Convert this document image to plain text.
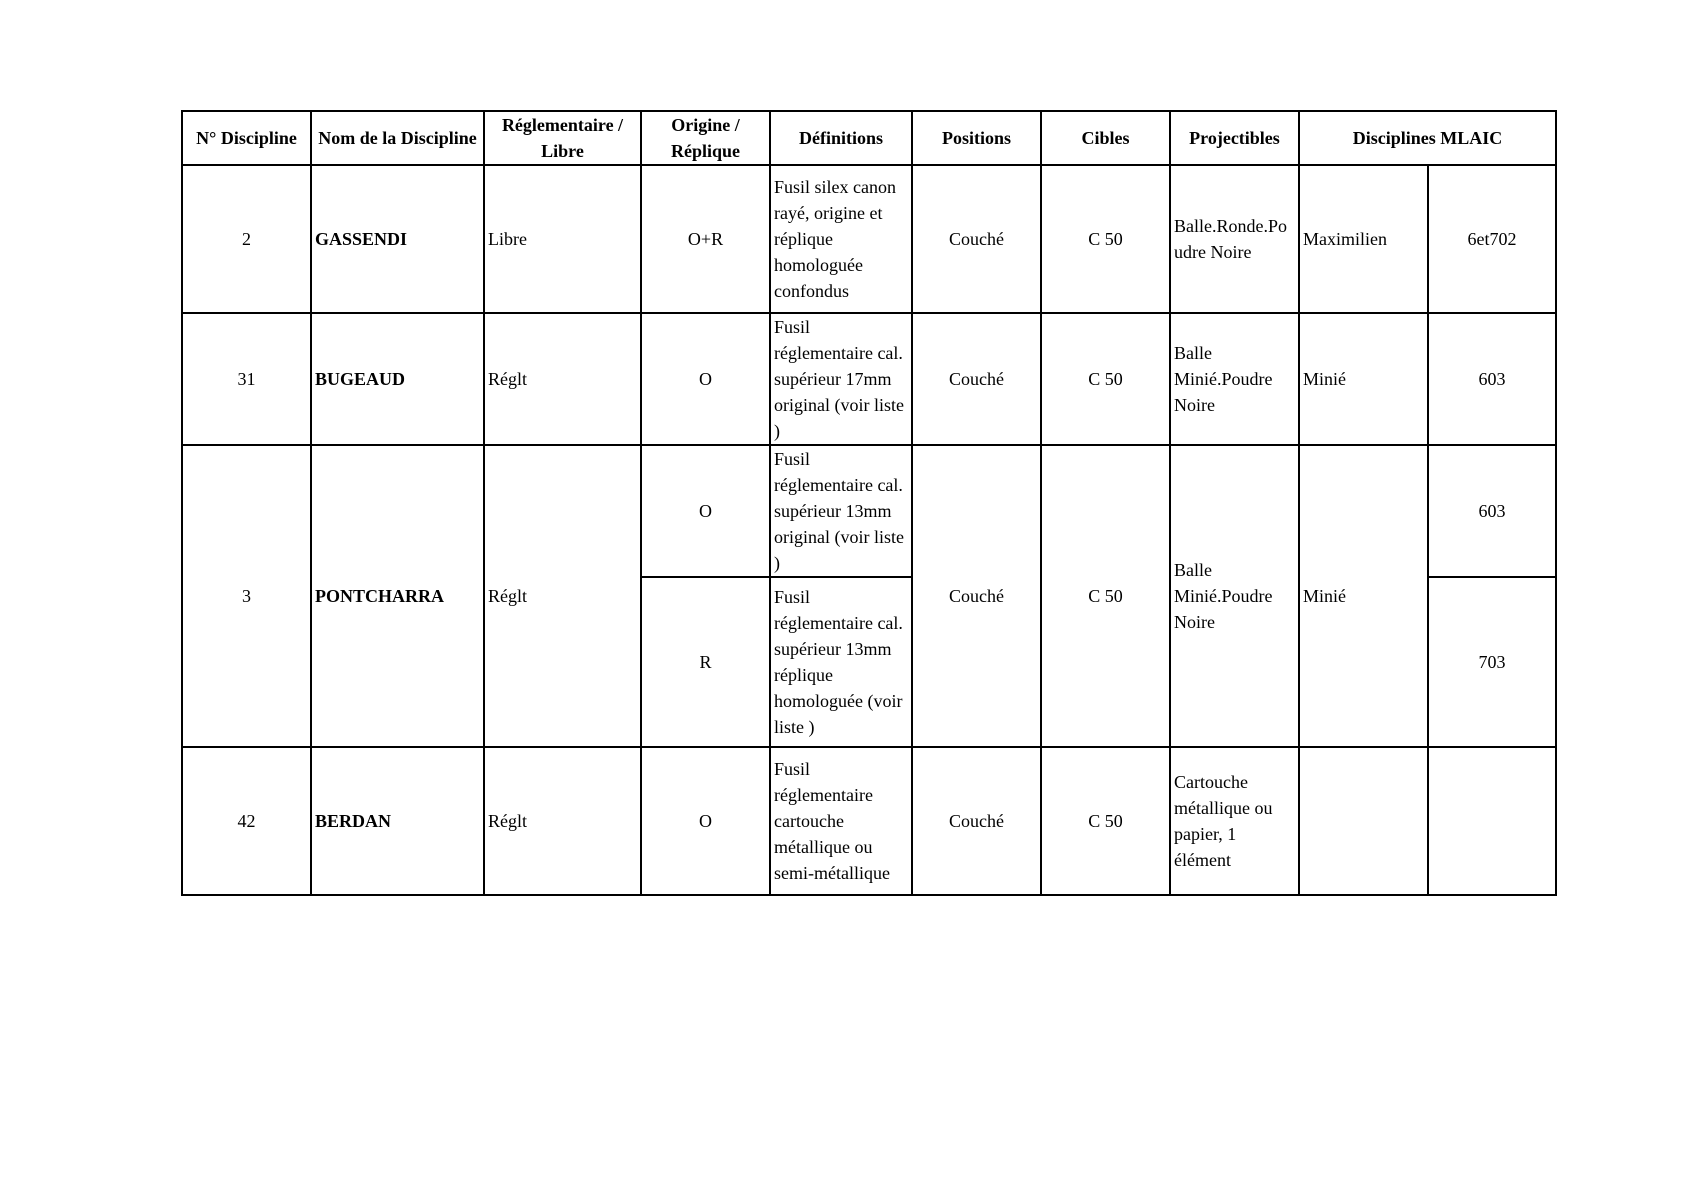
N° Discipline	Nom de la Discipline	Réglementaire / Libre	Origine / Réplique	Définitions	Positions	Cibles	Projectibles	Disciplines MLAIC	
2	GASSENDI	Libre	O+R	Fusil silex canon rayé, origine et réplique homologuée confondus	Couché	C 50	Balle.Ronde.Poudre Noire	Maximilien	6et702
31	BUGEAUD	Réglt	O	Fusil réglementaire cal. supérieur 17mm original (voir liste )	Couché	C 50	Balle Minié.Poudre Noire	Minié	603
3	PONTCHARRA	Réglt	O	Fusil réglementaire cal. supérieur 13mm original (voir liste )	Couché	C 50	Balle Minié.Poudre Noire	Minié	603
			R	Fusil réglementaire cal. supérieur 13mm réplique homologuée (voir liste )					703
42	BERDAN	Réglt	O	Fusil réglementaire cartouche métallique ou semi-métallique	Couché	C 50	Cartouche métallique ou papier, 1 élément		
